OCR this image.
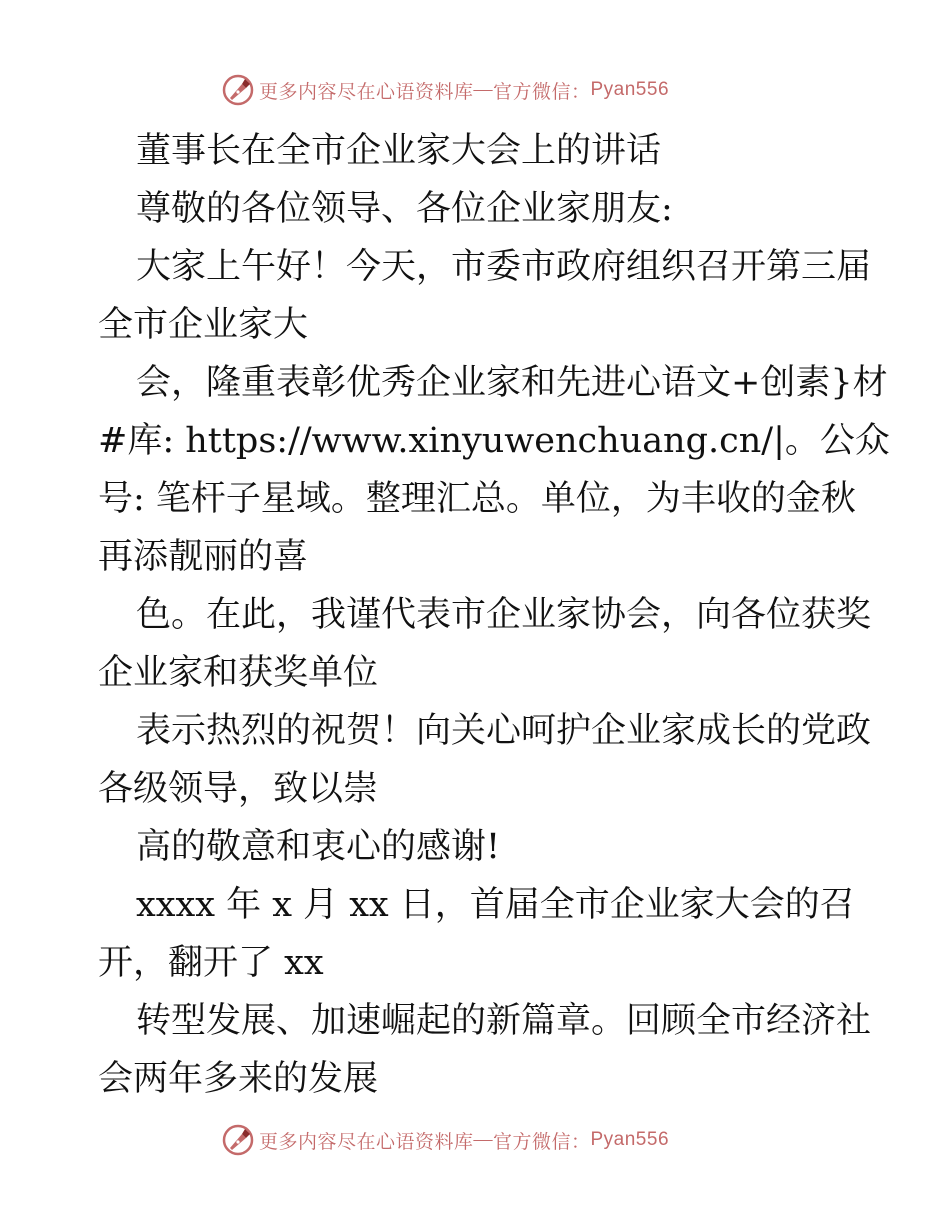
更多内容尽在心语资料库 — 官方微信： Pyan556
董事长在全市企业家大会上的讲话
尊敬的各位领导、各位企业家朋友:
大家上午好！今天，市委市政府组织召开第三届
全市企业家大
会，隆重表彰优秀企业家和先进心语文+创素}材
#库: https://www.xinyuwenchuang.cn/|。公众
号: 笔杆子星域。整理汇总。单位，为丰收的金秋
再添靓丽的喜
色。在此，我谨代表市企业家协会，向各位获奖
企业家和获奖单位
表示热烈的祝贺！向关心呵护企业家成长的党政
各级领导，致以崇
高的敬意和衷心的感谢!
xxxx 年 x 月 xx 日，首届全市企业家大会的召
开，翻开了 xx
转型发展、加速崛起的新篇章。回顾全市经济社
会两年多来的发展
更多内容尽在心语资料库 — 官方微信： Pyan556
